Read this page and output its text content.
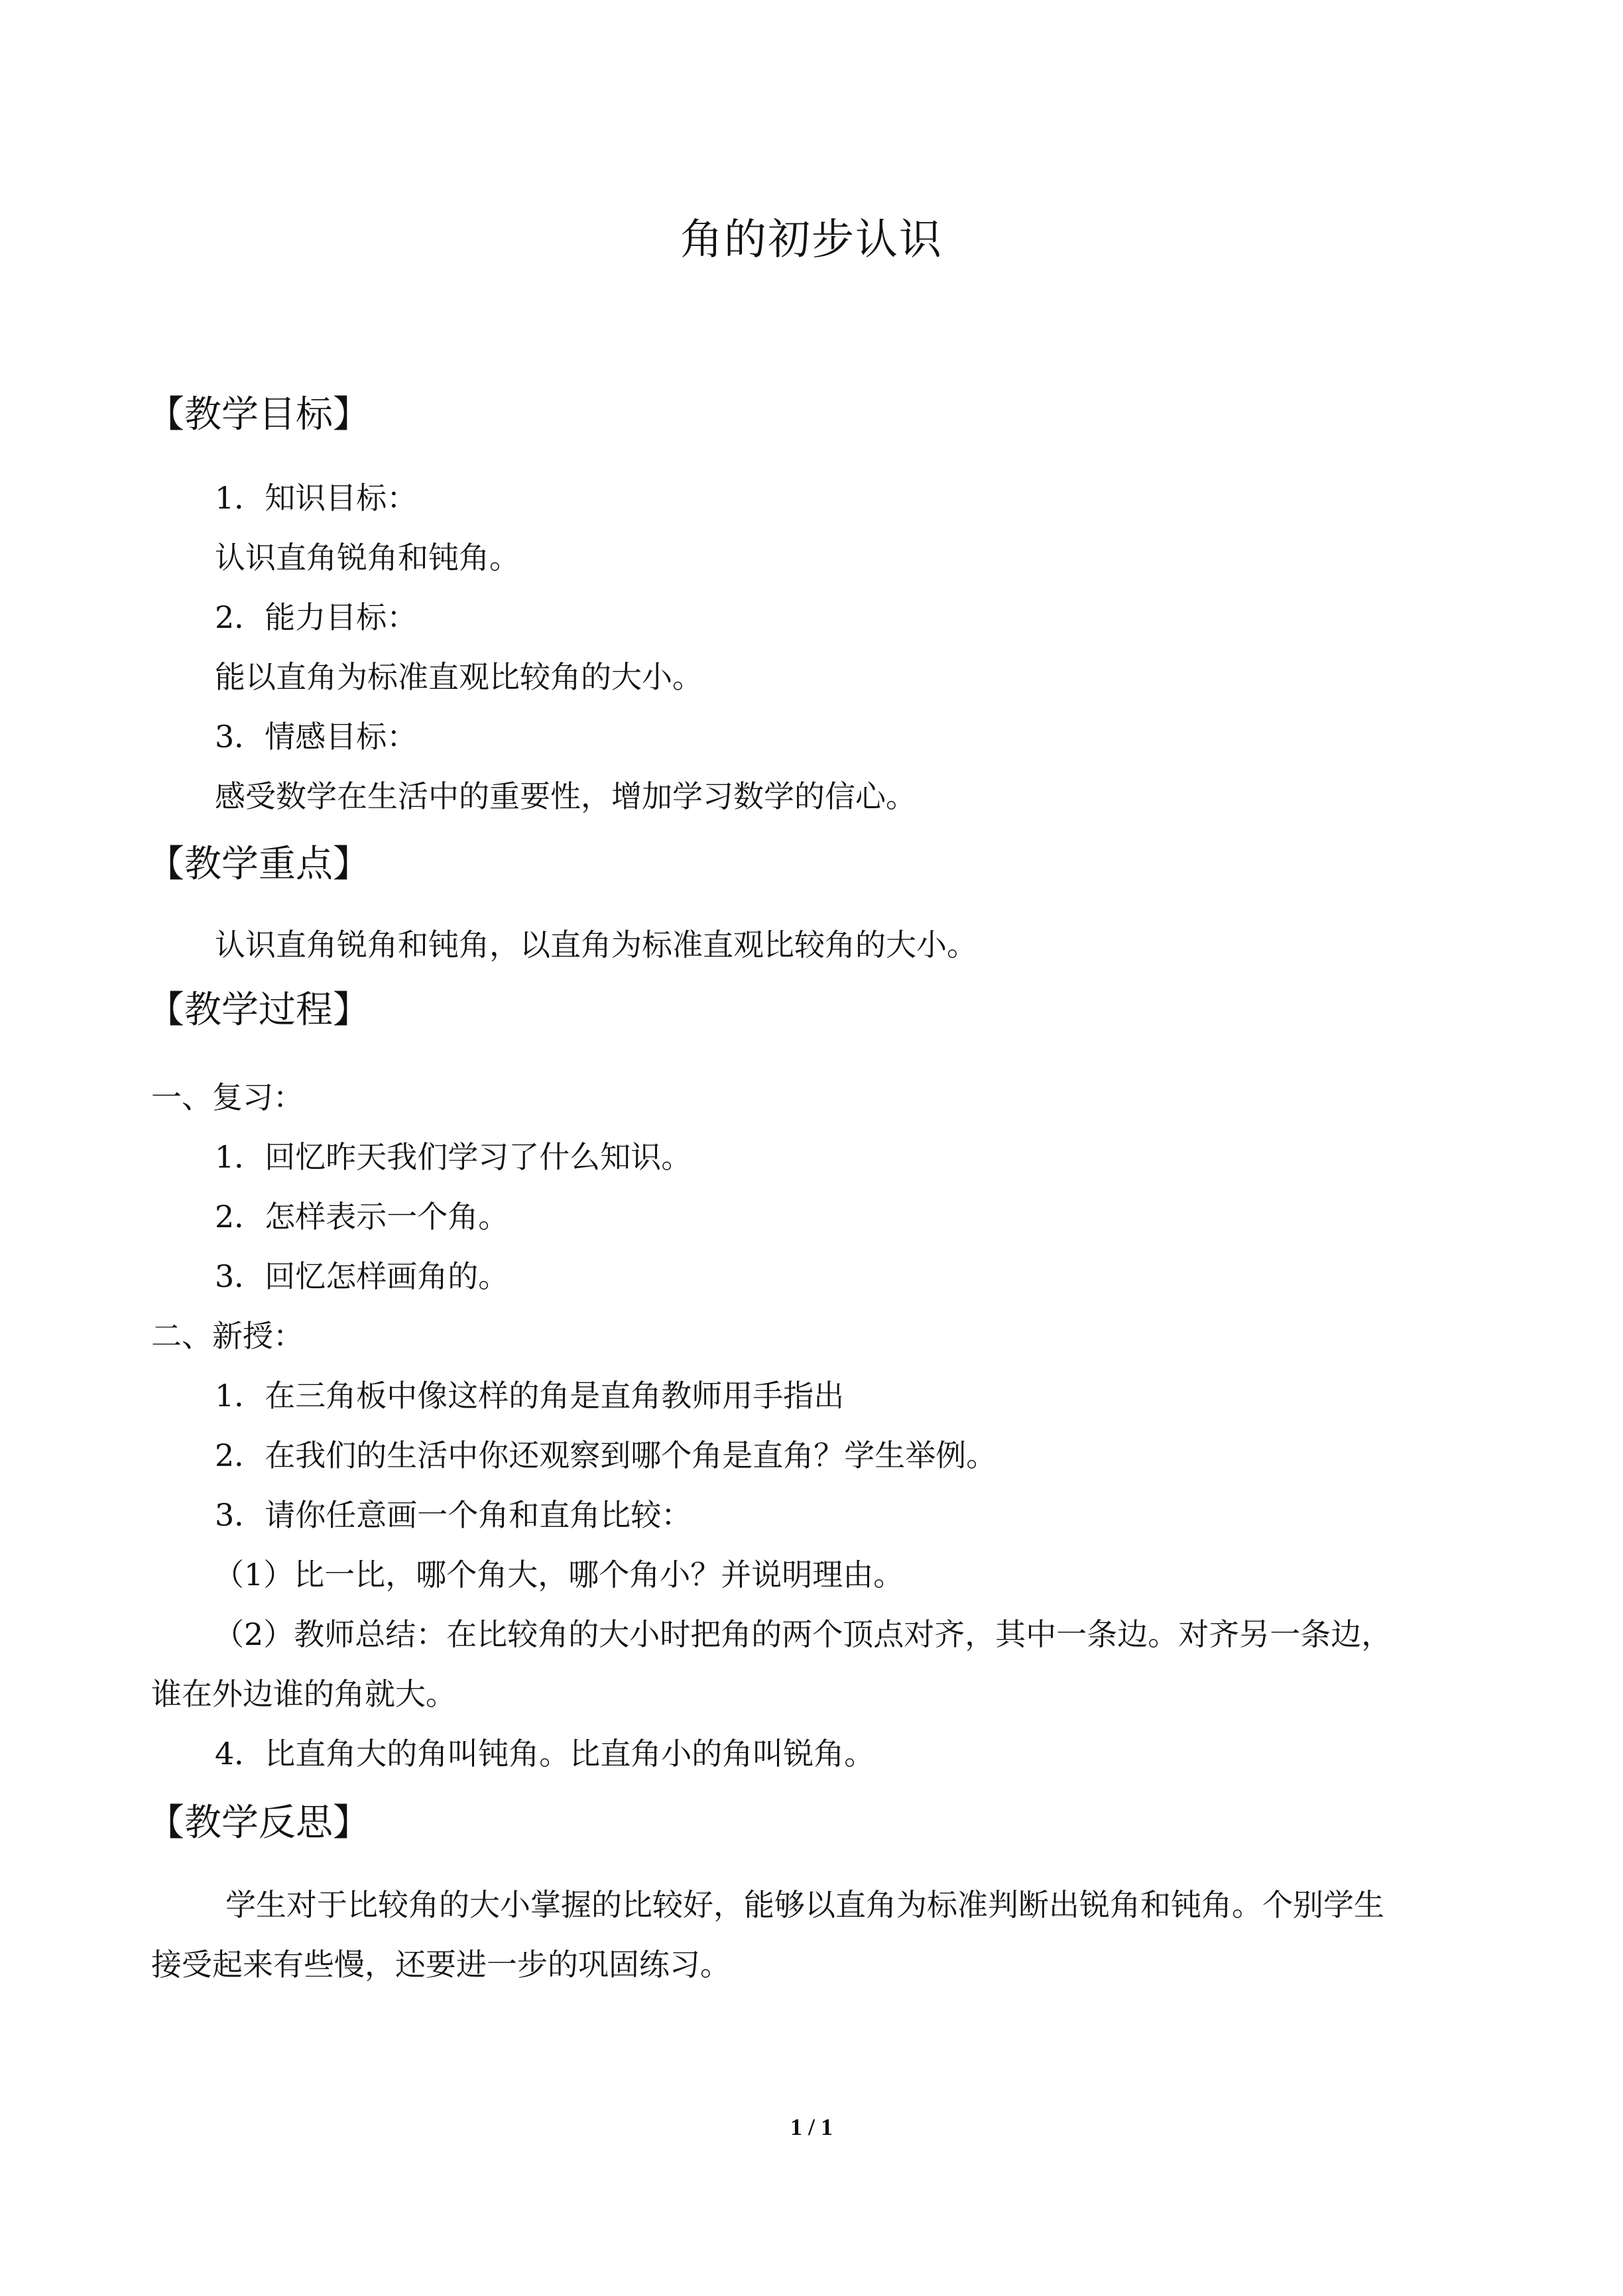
角的初步认识
【教学目标】
1．知识目标：
认识直角锐角和钝角。
2．能力目标：
能以直角为标准直观比较角的大小。
3．情感目标：
感受数学在生活中的重要性，增加学习数学的信心。
【教学重点】
认识直角锐角和钝角，以直角为标准直观比较角的大小。
【教学过程】
一、复习：
1．回忆昨天我们学习了什么知识。
2．怎样表示一个角。
3．回忆怎样画角的。
二、新授：
1．在三角板中像这样的角是直角教师用手指出
2．在我们的生活中你还观察到哪个角是直角？学生举例。
3．请你任意画一个角和直角比较：
（1）比一比，哪个角大，哪个角小？并说明理由。
（2）教师总结：在比较角的大小时把角的两个顶点对齐，其中一条边。对齐另一条边，
谁在外边谁的角就大。
4．比直角大的角叫钝角。比直角小的角叫锐角。
【教学反思】
学生对于比较角的大小掌握的比较好，能够以直角为标准判断出锐角和钝角。个别学生
接受起来有些慢，还要进一步的巩固练习。
1 / 1
